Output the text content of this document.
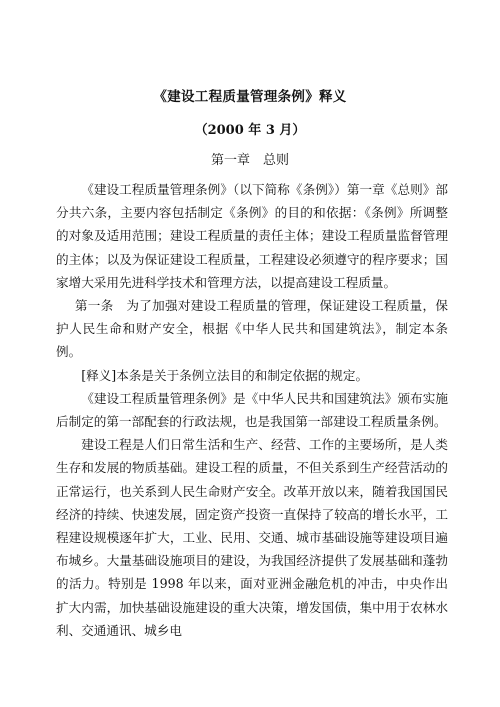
《建设工程质量管理条例》释义
（2000 年 3 月）
第一章　总则

《建设工程质量管理条例》（以下简称《条例》）第一章《总则》部分共六条，主要内容包括制定《条例》的目的和依据：《条例》所调整的对象及适用范围；建设工程质量的责任主体；建设工程质量监督管理的主体；以及为保证建设工程质量，工程建设必须遵守的程序要求；国家增大采用先进科学技术和管理方法，以提高建设工程质量。

第一条　为了加强对建设工程质量的管理，保证建设工程质量，保护人民生命和财产安全，根据《中华人民共和国建筑法》，制定本条例。

[释义]本条是关于条例立法目的和制定依据的规定。

《建设工程质量管理条例》是《中华人民共和国建筑法》颁布实施后制定的第一部配套的行政法规，也是我国第一部建设工程质量条例。

建设工程是人们日常生活和生产、经营、工作的主要场所，是人类生存和发展的物质基础。建设工程的质量，不但关系到生产经营活动的正常运行，也关系到人民生命财产安全。改革开放以来，随着我国国民经济的持续、快速发展，固定资产投资一直保持了较高的增长水平，工程建设规模逐年扩大，工业、民用、交通、城市基础设施等建设项目遍布城乡。大量基础设施项目的建设，为我国经济提供了发展基础和蓬勃的活力。特别是 1998 年以来，面对亚洲金融危机的冲击，中央作出扩大内需，加快基础设施建设的重大决策，增发国债，集中用于农林水利、交通通讯、城乡电
